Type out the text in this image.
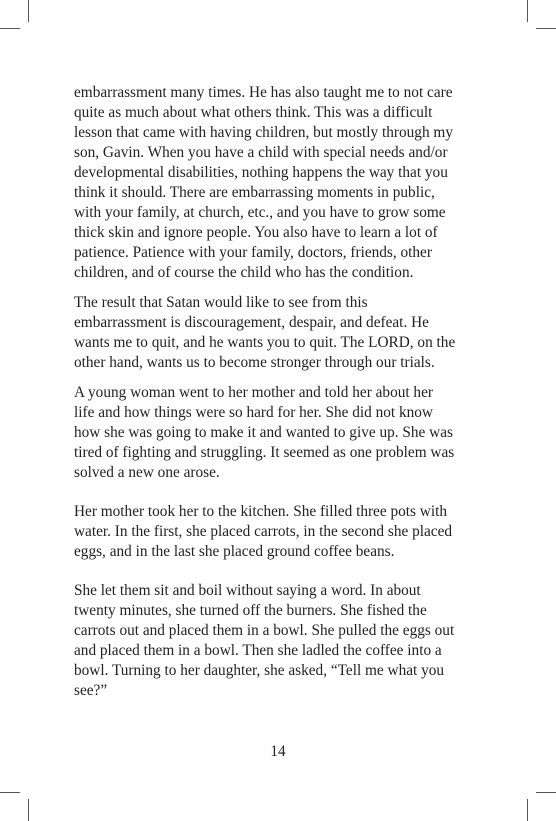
embarrassment many times. He has also taught me to not care
quite as much about what others think. This was a difficult
lesson that came with having children, but mostly through my
son, Gavin. When you have a child with special needs and/or
developmental disabilities, nothing happens the way that you
think it should. There are embarrassing moments in public,
with your family, at church, etc., and you have to grow some
thick skin and ignore people. You also have to learn a lot of
patience. Patience with your family, doctors, friends, other
children, and of course the child who has the condition.

The result that Satan would like to see from this
embarrassment is discouragement, despair, and defeat. He
wants me to quit, and he wants you to quit. The LORD, on the
other hand, wants us to become stronger through our trials.

A young woman went to her mother and told her about her
life and how things were so hard for her. She did not know
how she was going to make it and wanted to give up. She was
tired of fighting and struggling. It seemed as one problem was
solved a new one arose.

Her mother took her to the kitchen. She filled three pots with
water. In the first, she placed carrots, in the second she placed
eggs, and in the last she placed ground coffee beans.

She let them sit and boil without saying a word. In about
twenty minutes, she turned off the burners. She fished the
carrots out and placed them in a bowl. She pulled the eggs out
and placed them in a bowl. Then she ladled the coffee into a
bowl. Turning to her daughter, she asked, “Tell me what you
see?”

14
